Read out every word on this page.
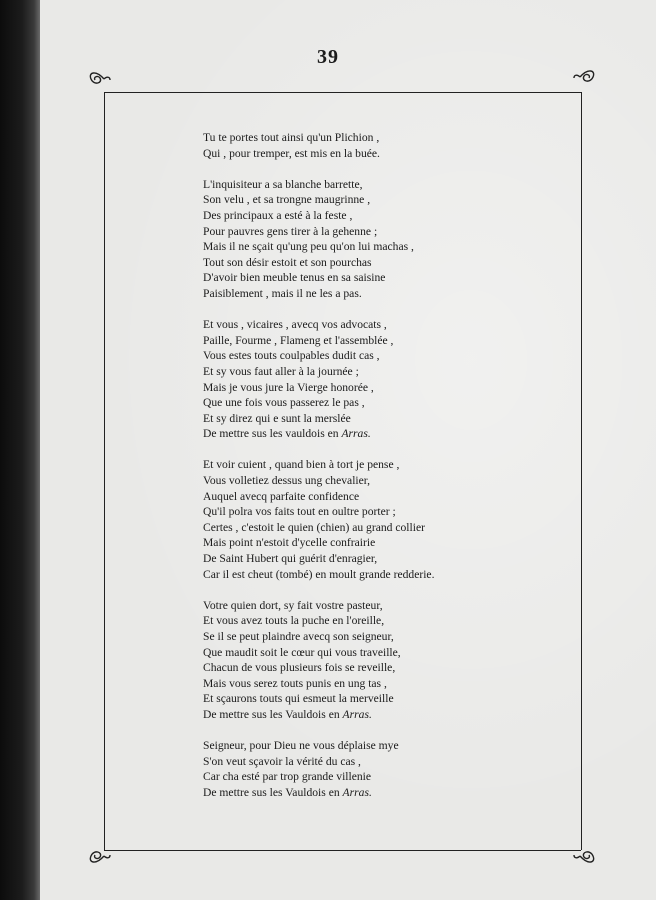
39
Tu te portes tout ainsi qu'un Plichion ,
Qui , pour tremper, est mis en la buée.
L'inquisiteur a sa blanche barrette,
Son velu , et sa trongne maugrinne ,
Des principaux a esté à la feste ,
Pour pauvres gens tirer à la gehenne ;
Mais il ne sçait qu'ung peu qu'on lui machas ,
Tout son désir estoit et son pourchas
D'avoir bien meuble tenus en sa saisine
Paisiblement , mais il ne les a pas.
Et vous , vicaires , avecq vos advocats ,
Paille, Fourme , Flameng et l'assemblée ,
Vous estes touts coulpables dudit cas ,
Et sy vous faut aller à la journée ;
Mais je vous jure la Vierge honorée ,
Que une fois vous passerez le pas ,
Et sy direz qui e sunt la merslée
De mettre sus les vauldois en Arras.
Et voir cuient , quand bien à tort je pense ,
Vous volletiez dessus ung chevalier,
Auquel avecq parfaite confidence
Qu'il polra vos faits tout en oultre porter ;
Certes , c'estoit le quien (chien) au grand collier
Mais point n'estoit d'ycelle confrairie
De Saint Hubert qui guérit d'enragier,
Car il est cheut (tombé) en moult grande redderie.
Votre quien dort, sy fait vostre pasteur,
Et vous avez touts la puche en l'oreille,
Se il se peut plaindre avecq son seigneur,
Que maudit soit le cœur qui vous traveille,
Chacun de vous plusieurs fois se reveille,
Mais vous serez touts punis en ung tas ,
Et sçaurons touts qui esmeut la merveille
De mettre sus les Vauldois en Arras.
Seigneur, pour Dieu ne vous déplaise mye
S'on veut sçavoir la vérité du cas ,
Car cha esté par trop grande villenie
De mettre sus les Vauldois en Arras.
